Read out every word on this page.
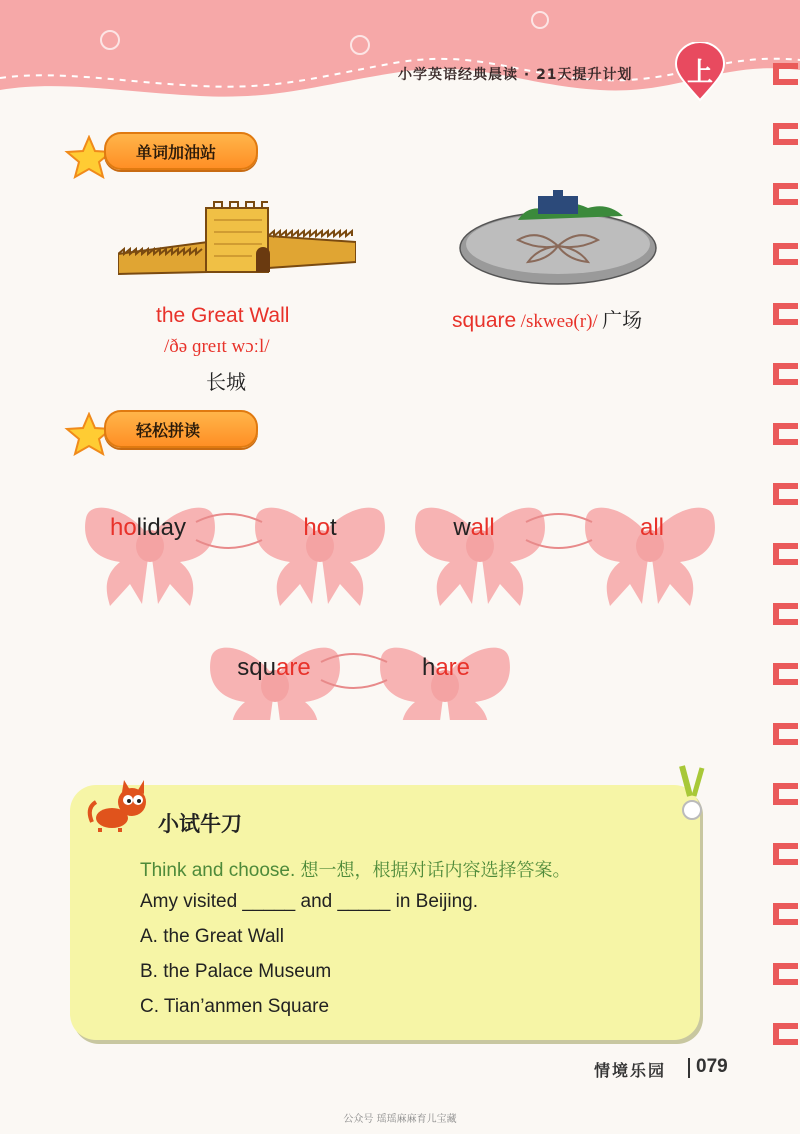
小学英语经典晨读 · 21天提升计划	上
单词加油站
the Great Wall
/ðə ɡreɪt wɔːl/
长城
square /skweə(r)/ 广场
轻松拼读
holiday	hot	wall	all
square	hare
小试牛刀
Think and choose. 想一想，根据对话内容选择答案。
Amy visited _____ and _____ in Beijing.
A. the Great Wall
B. the Palace Museum
C. Tian’anmen Square
情境乐园 079
公众号 瑶瑶麻麻育儿宝藏
